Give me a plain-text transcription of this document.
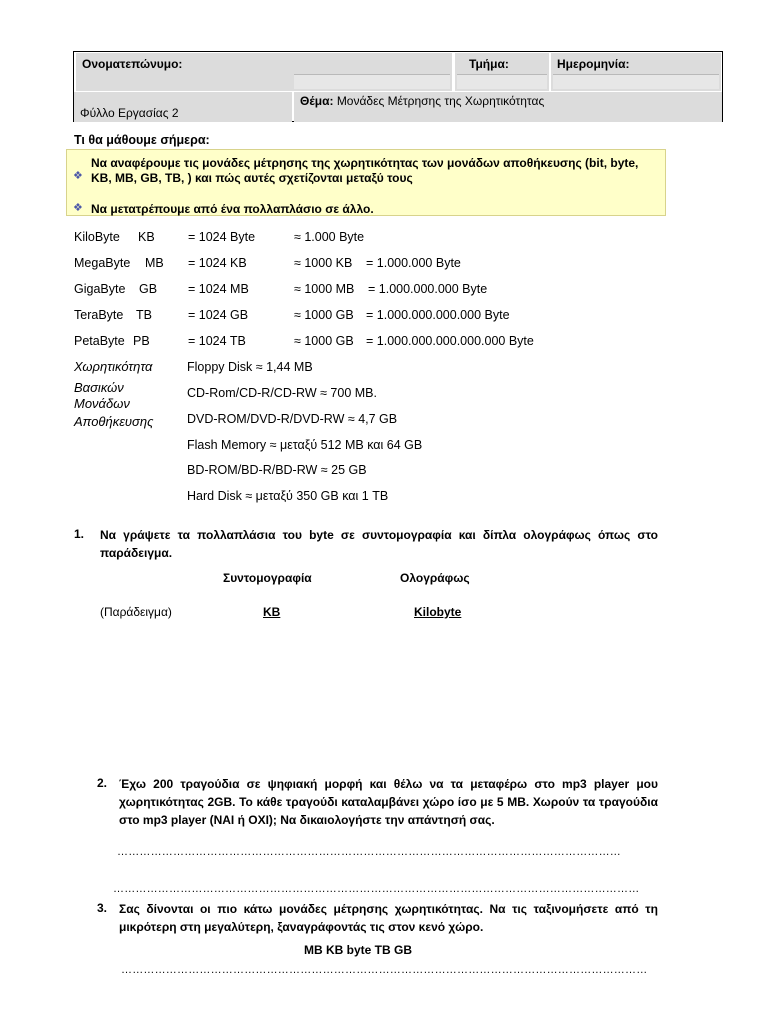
Ονοματεπώνυμο:	Τμήμα:	Ημερομηνία:
Φύλλο Εργασίας 2
Θέμα: Μονάδες Μέτρησης της Χωρητικότητας
Τι θα μάθουμε σήμερα:
❖
Να αναφέρουμε τις μονάδες μέτρησης της χωρητικότητας των μονάδων αποθήκευσης (bit, byte,
KB, MB, GB, TB, ) και πώς αυτές σχετίζονται μεταξύ τους
❖ Να μετατρέπουμε από ένα πολλαπλάσιο σε άλλο.
KiloByte KB	= 1024 Byte	≈ 1.000 Byte
MegaByte MB = 1024 KB	≈ 1000 KB = 1.000.000 Byte
GigaByte GB = 1024 MB	≈ 1000 MB = 1.000.000.000 Byte
TeraByte TB	= 1024 GB	≈ 1000 GB = 1.000.000.000.000 Byte
PetaByte PB	= 1024 TB	≈ 1000 GB = 1.000.000.000.000.000 Byte
Χωρητικότητα
Βασικών
Μονάδων
Αποθήκευσης
Floppy Disk ≈ 1,44 MB
CD-Rom/CD-R/CD-RW ≈ 700 MB.
DVD-ROM/DVD-R/DVD-RW ≈ 4,7 GB
Flash Memory ≈ μεταξύ 512 MB και 64 GB
BD-ROM/BD-R/BD-RW ≈ 25 GB
Hard Disk ≈ μεταξύ 350 GB και 1 TB
1. Να γράψετε τα πολλαπλάσια του byte σε συντομογραφία και δίπλα ολογράφως όπως στο παράδειγμα.
Συντομογραφία	Ολογράφως
(Παράδειγμα)	KB	Kilobyte
2. Έχω 200 τραγούδια σε ψηφιακή μορφή και θέλω να τα μεταφέρω στο mp3 player μου χωρητικότητας 2GB. Το κάθε τραγούδι καταλαμβάνει χώρο ίσο με 5 MB. Χωρούν τα τραγούδια στο mp3 player (ΝΑΙ ή ΟΧΙ); Να δικαιολογήστε την απάντησή σας.
………………………………………………………………………………………………………………………
……………………………………………………………………………………………………………………………
3. Σας δίνονται οι πιο κάτω μονάδες μέτρησης χωρητικότητας. Να τις ταξινομήσετε από τη μικρότερη στη μεγαλύτερη, ξαναγράφοντάς τις στον κενό χώρο.
MB KB byte TB GB
……………………………………………………………………………………………………………………………
